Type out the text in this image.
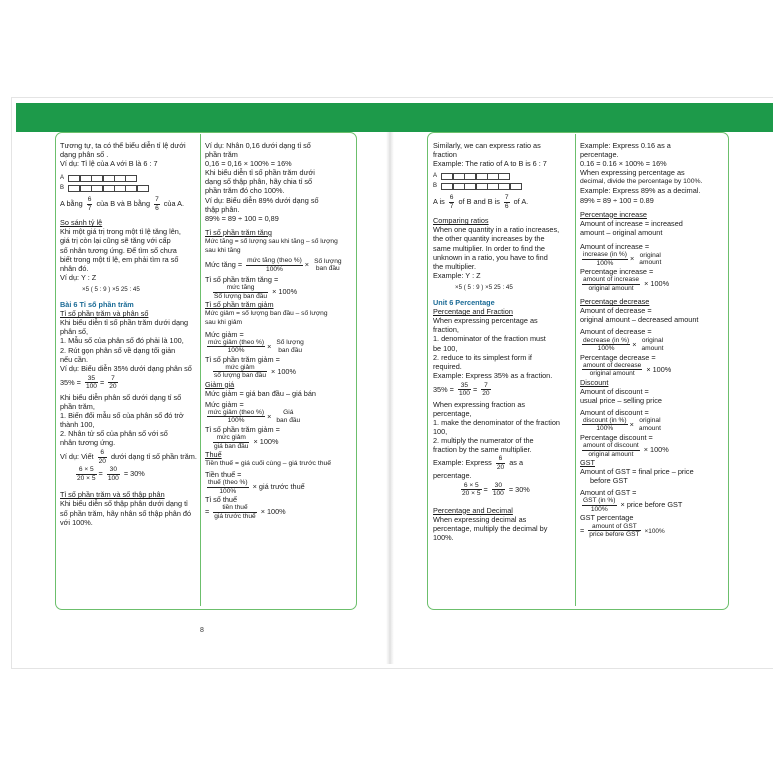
Tương tự, ta có thể biểu diễn tỉ lệ dưới
dạng phân số .
Ví dụ: Tỉ lệ của A với B là 6 : 7
A
B
A bằng $\frac{6}{7}$ của B và B bằng $\frac{7}{6}$ của A.
So sánh tỷ lệ
Khi một giá trị trong một tỉ lệ tăng lên,
giá trị còn lại cũng sẽ tăng với cấp
số nhân tương ứng. Để tìm số chưa
biết trong một tỉ lệ, em phải tìm ra số
nhân đó.
Ví dụ: Y : Z
×5 ( 5 : 9 ) ×5 25 : 45
Bài 6 Tỉ số phần trăm
Tỉ số phần trăm và phân số
Khi biểu diễn tỉ số phần trăm dưới dạng
phân số,
1. Mẫu số của phân số đó phải là 100,
2. Rút gọn phân số về dạng tối giản
nếu cần.
Ví dụ: Biểu diễn 35% dưới dạng phân số
$35\% = \frac{35}{100} = \frac{7}{20}$
Khi biểu diễn phân số dưới dạng tỉ số
phần trăm,
1. Biến đổi mẫu số của phân số đó trở
thành 100,
2. Nhân tử số của phân số với số
nhân tương ứng.
Ví dụ: Viết $\frac{6}{20}$ dưới dạng tỉ số phần trăm.
$\frac{6 \times 5}{20 \times 5} = \frac{30}{100} = 30\%$
Tỉ số phần trăm và số thập phân
Khi biểu diễn số thập phân dưới dạng tỉ
số phần trăm, hãy nhân số thập phân đó
với 100%.
Ví dụ: Nhân 0,16 dưới dạng tỉ số
phần trăm
0,16 = 0,16 × 100% = 16%
Khi biểu diễn tỉ số phần trăm dưới
dạng số thập phân, hãy chia tỉ số
phần trăm đó cho 100%.
Ví dụ: Biểu diễn 89% dưới dạng số
thập phân.
89% = 89 ÷ 100 = 0,89
Tỉ số phần trăm tăng
Mức tăng = số lượng sau khi tăng – số lượng
sau khi tăng
Mức tăng = $\frac{\text{mức tăng (theo \%)}}{100\%}$ × Số lượng
ban đầu
Tỉ số phần trăm tăng =
$\frac{\text{mức tăng}}{\text{Số lượng ban đầu}} \times 100\%$
Tỉ số phần trăm giảm
Mức giảm = số lượng ban đầu – số lượng
sau khi giảm
Mức giảm =
$\frac{\text{mức giảm (theo \%)}}{100\%}$ × Số lượng
ban đầu
Tỉ số phần trăm giảm =
$\frac{\text{mức giảm}}{\text{số lượng ban đầu}} \times 100\%$
Giảm giá
Mức giảm = giá ban đầu – giá bán
Mức giảm =
$\frac{\text{mức giảm (theo \%)}}{100\%}$ ×	Giá
ban đầu
Tỉ số phần trăm giảm =
$\frac{\text{mức giảm}}{\text{giá ban đầu}} \times 100\%$
Thuế
Tiền thuế = giá cuối cùng – giá trước thuế
Tiền thuế =
$\frac{\text{thuế (theo \%)}}{100\%}$ × giá trước thuế
Tỉ số thuế
= $\frac{\text{tiền thuế}}{\text{giá trước thuế}} \times 100\%$
Similarly, we can express ratio as
fraction
Example: The ratio of A to B is 6 : 7
A
B
A is $\frac{6}{7}$ of B and B is $\frac{7}{6}$ of A.
Comparing ratios
When one quantity in a ratio increases,
the other quantity increases by the
same multiplier. In order to find the
unknown in a ratio, you have to find
the multiplier.
Example: Y : Z
×5 ( 5 : 9 ) ×5 25 : 45
Unit 6 Percentage
Percentage and Fraction
When expressing percentage as
fraction,
1. denominator of the fraction must
be 100,
2. reduce to its simplest form if
required.
Example: Express 35% as a fraction.
$35\% = \frac{35}{100} = \frac{7}{20}$
When expressing fraction as
percentage,
1. make the denominator of the fraction
100,
2. multiply the numerator of the
fraction by the same multiplier.
Example: Express $\frac{6}{20}$ as a
percentage.
$\frac{6 \times 5}{20 \times 5} = \frac{30}{100} = 30\%$
Percentage and Decimal
When expressing decimal as
percentage, multiply the decimal by
100%.
Example: Express 0.16 as a
percentage.
0.16 = 0.16 × 100% = 16%
When expressing percentage as
decimal, divide the percentage by 100%.
Example: Express 89% as a decimal.
89% = 89 ÷ 100 = 0.89
Percentage increase
Amount of increase = increased
amount – original amount
Amount of increase =
$\frac{\text{increase (in \%)}}{100\%}$ × original
amount
Percentage increase =
$\frac{\text{amount of increase}}{\text{original amount}} \times 100\%$
Percentage decrease
Amount of decrease =
original amount – decreased amount
Amount of decrease =
$\frac{\text{decrease (in \%)}}{100\%}$ × original
amount
Percentage decrease =
$\frac{\text{amount of decrease}}{\text{original amount}} \times 100\%$
Discount
Amount of discount =
usual price – selling price
Amount of discount =
$\frac{\text{discount (in \%)}}{100\%}$ × original
amount
Percentage discount =
$\frac{\text{amount of discount}}{\text{original amount}} \times 100\%$
GST
Amount of GST = final price – price
before GST
Amount of GST =
$\frac{\text{GST (in \%)}}{100\%}$ × price before GST
GST percentage
= $\frac{\text{amount of GST}}{\text{price before GST}} \times 100\%$
8
